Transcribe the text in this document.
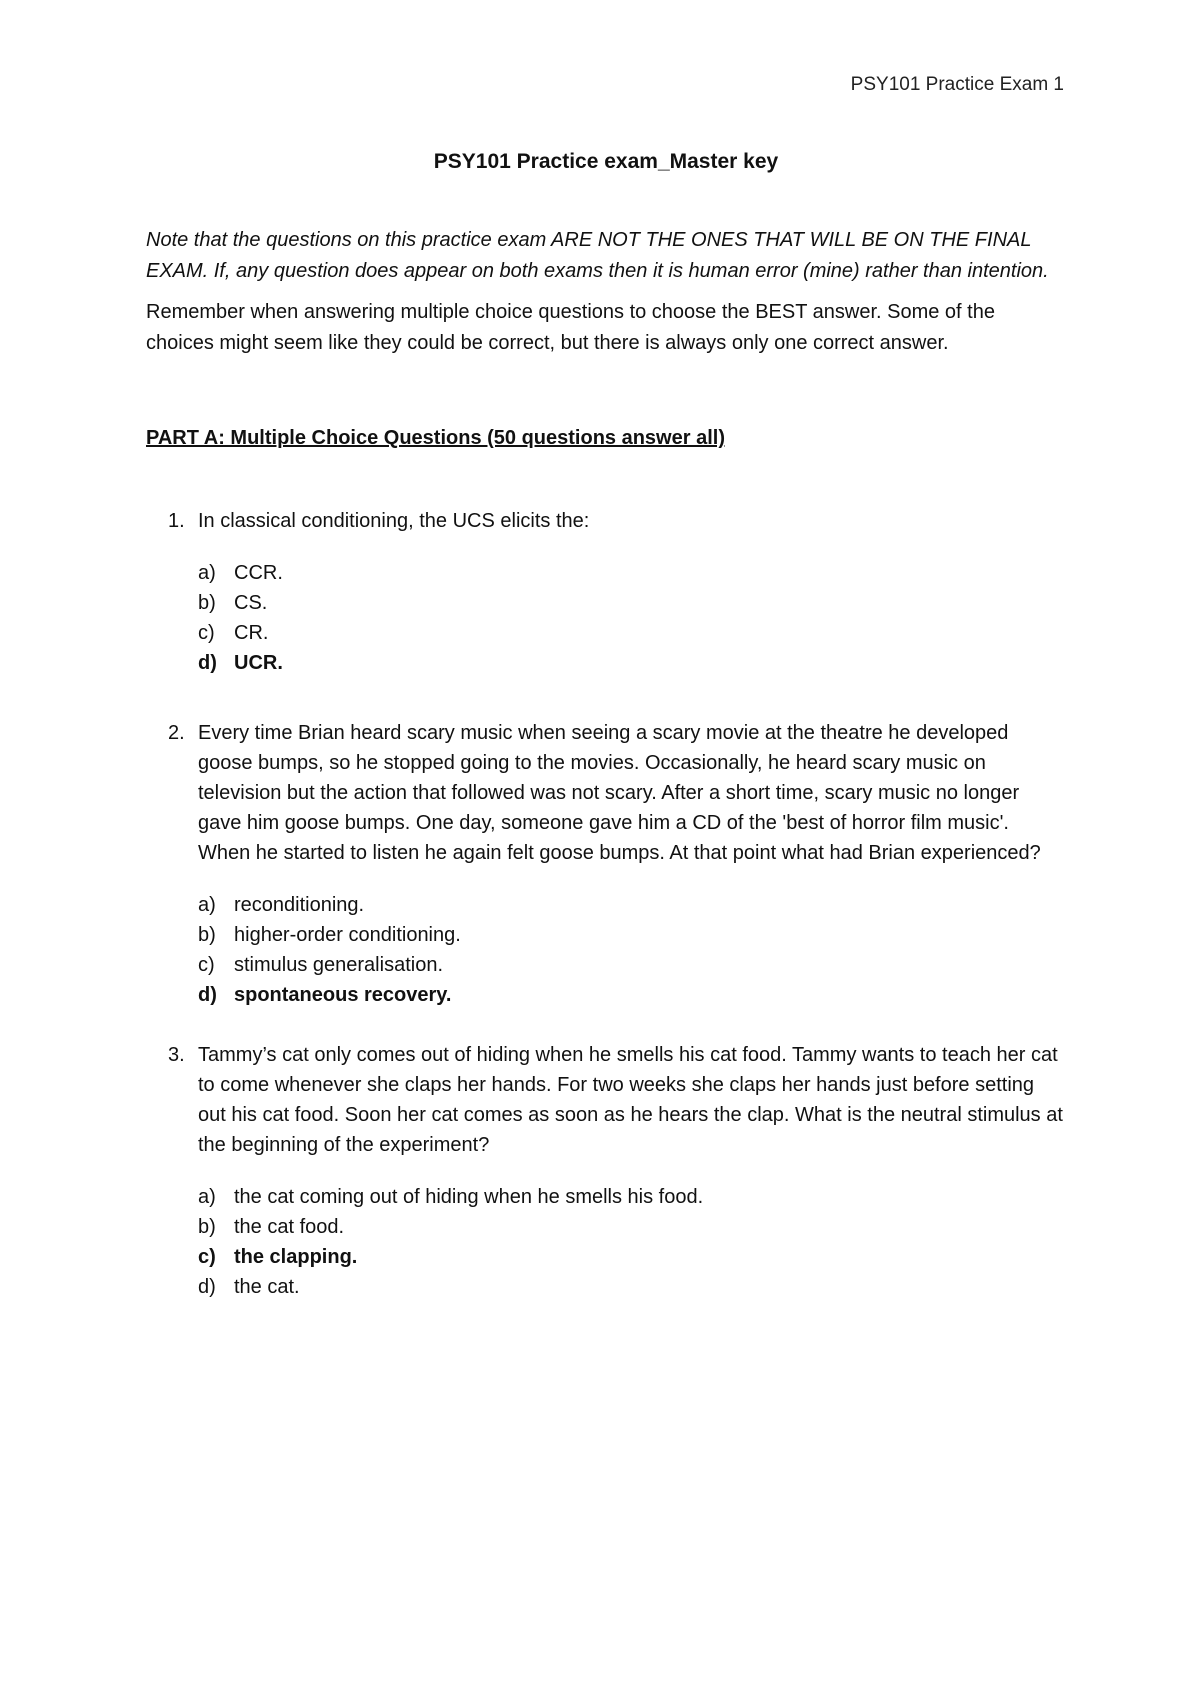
PSY101 Practice Exam 1
PSY101 Practice exam_Master key

Note that the questions on this practice exam ARE NOT THE ONES THAT WILL BE ON THE FINAL EXAM. If, any question does appear on both exams then it is human error (mine) rather than intention.

Remember when answering multiple choice questions to choose the BEST answer. Some of the choices might seem like they could be correct, but there is always only one correct answer.

PART A: Multiple Choice Questions (50 questions answer all)
1. In classical conditioning, the UCS elicits the:
a) CCR.
b) CS.
c) CR.
d) UCR.
2. Every time Brian heard scary music when seeing a scary movie at the theatre he developed goose bumps, so he stopped going to the movies. Occasionally, he heard scary music on television but the action that followed was not scary. After a short time, scary music no longer gave him goose bumps. One day, someone gave him a CD of the 'best of horror film music'. When he started to listen he again felt goose bumps. At that point what had Brian experienced?
a) reconditioning.
b) higher-order conditioning.
c) stimulus generalisation.
d) spontaneous recovery.
3. Tammy’s cat only comes out of hiding when he smells his cat food. Tammy wants to teach her cat to come whenever she claps her hands. For two weeks she claps her hands just before setting out his cat food. Soon her cat comes as soon as he hears the clap. What is the neutral stimulus at the beginning of the experiment?
a) the cat coming out of hiding when he smells his food.
b) the cat food.
c) the clapping.
d) the cat.
